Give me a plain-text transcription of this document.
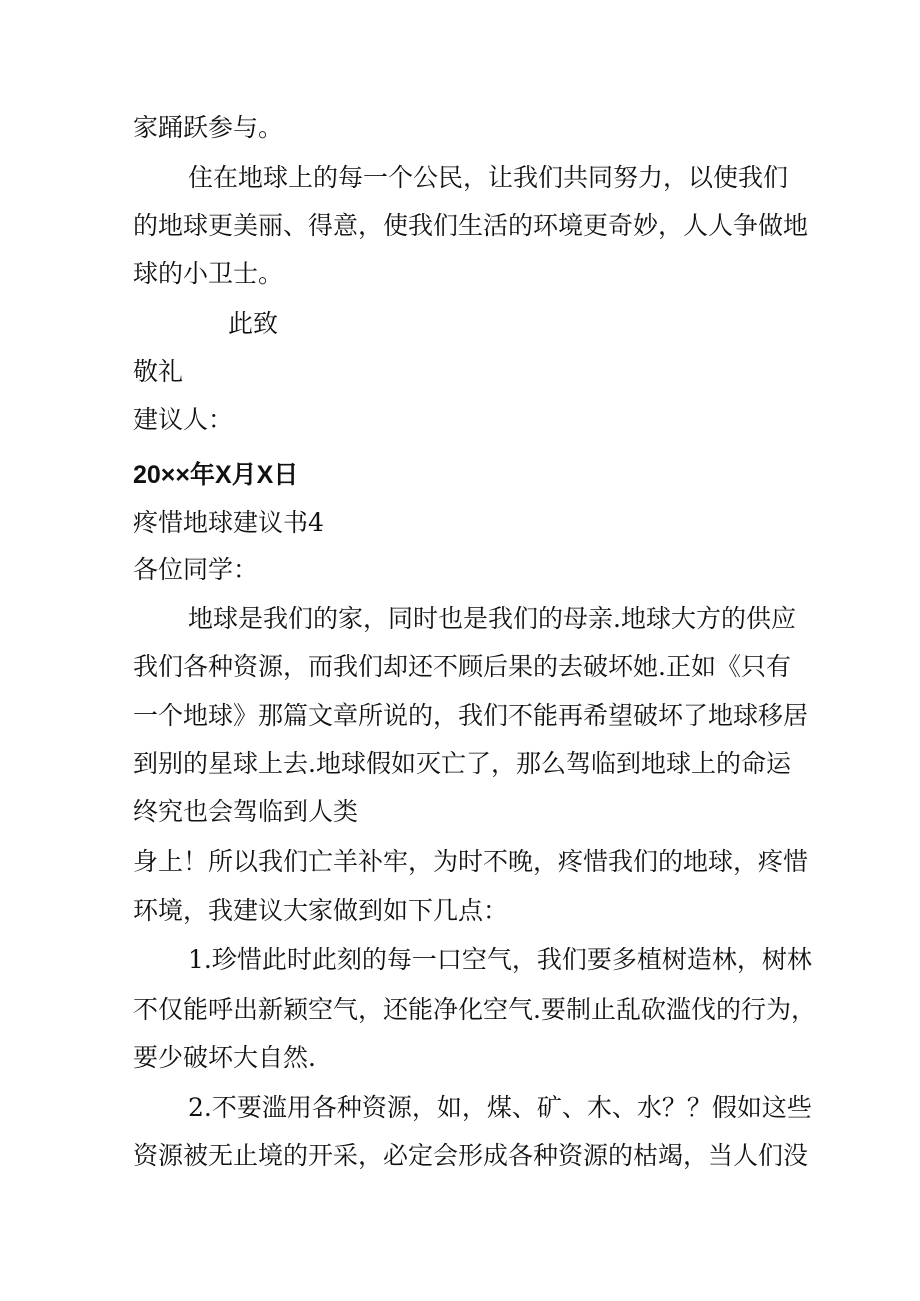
家踊跃参与。
住在地球上的每一个公民，让我们共同努力，以使我们
的地球更美丽、得意，使我们生活的环境更奇妙，人人争做地
球的小卫士。
此致
敬礼
建议人：
20××年X月X日
疼惜地球建议书4
各位同学：
地球是我们的家，同时也是我们的母亲.地球大方的供应
我们各种资源，而我们却还不顾后果的去破坏她.正如《只有
一个地球》那篇文章所说的，我们不能再希望破坏了地球移居
到别的星球上去.地球假如灭亡了，那么驾临到地球上的命运
终究也会驾临到人类
身上！所以我们亡羊补牢，为时不晚，疼惜我们的地球，疼惜
环境，我建议大家做到如下几点：
1.珍惜此时此刻的每一口空气，我们要多植树造林，树林
不仅能呼出新颖空气，还能净化空气.要制止乱砍滥伐的行为，
要少破坏大自然.
2.不要滥用各种资源，如，煤、矿、木、水？？假如这些
资源被无止境的开采，必定会形成各种资源的枯竭，当人们没
